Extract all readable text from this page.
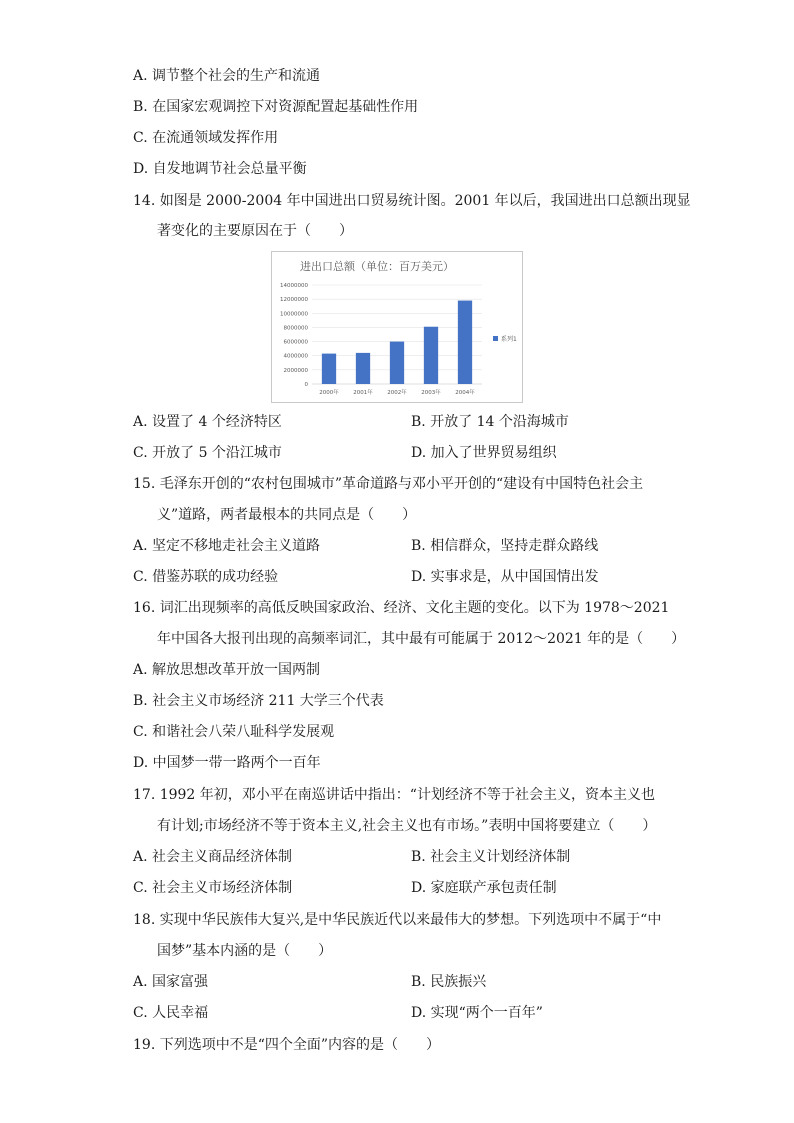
A. 调节整个社会的生产和流通
B. 在国家宏观调控下对资源配置起基础性作用
C. 在流通领域发挥作用
D. 自发地调节社会总量平衡
14. 如图是 2000-2004 年中国进出口贸易统计图。2001 年以后，我国进出口总额出现显
著变化的主要原因在于（　　）
进出口总额（单位：百万美元）
0
2000000
4000000
6000000
8000000
10000000
12000000
14000000
2000年	2001年	2002年	2003年	2004年
系列1
A. 设置了 4 个经济特区	B. 开放了 14 个沿海城市
C. 开放了 5 个沿江城市	D. 加入了世界贸易组织
15. 毛泽东开创的“农村包围城市”革命道路与邓小平开创的“建设有中国特色社会主
义”道路，两者最根本的共同点是（　　）
A. 坚定不移地走社会主义道路	B. 相信群众，坚持走群众路线
C. 借鉴苏联的成功经验	D. 实事求是，从中国国情出发
16. 词汇出现频率的高低反映国家政治、经济、文化主题的变化。以下为 1978～2021
年中国各大报刊出现的高频率词汇，其中最有可能属于 2012～2021 年的是（　　）
A. 解放思想改革开放一国两制
B. 社会主义市场经济 211 大学三个代表
C. 和谐社会八荣八耻科学发展观
D. 中国梦一带一路两个一百年
17. 1992 年初，邓小平在南巡讲话中指出：“计划经济不等于社会主义，资本主义也
有计划;市场经济不等于资本主义,社会主义也有市场。”表明中国将要建立（　　）
A. 社会主义商品经济体制	B. 社会主义计划经济体制
C. 社会主义市场经济体制	D. 家庭联产承包责任制
18. 实现中华民族伟大复兴,是中华民族近代以来最伟大的梦想。下列选项中不属于“中
国梦”基本内涵的是（　　）
A. 国家富强	B. 民族振兴
C. 人民幸福	D. 实现“两个一百年”
19. 下列选项中不是“四个全面”内容的是（　　）
